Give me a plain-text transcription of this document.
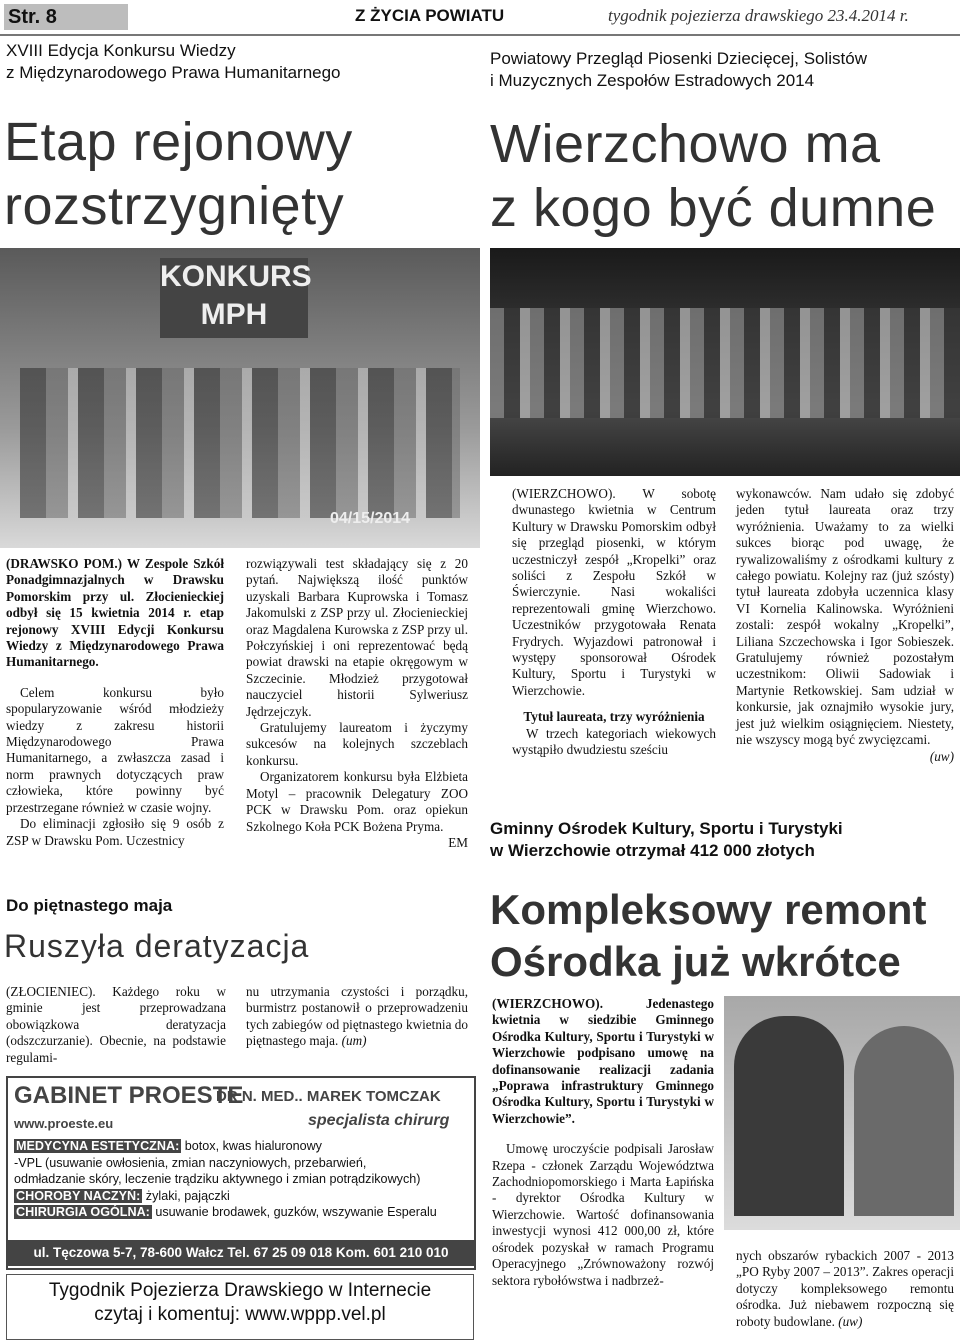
Str. 8	Z ŻYCIA POWIATU	tygodnik pojezierza drawskiego 23.4.2014 r.
XVIII Edycja Konkursu Wiedzy
z Międzynarodowego Prawa Humanitarnego
Etap rejonowy
rozstrzygnięty
Powiatowy Przegląd Piosenki Dziecięcej, Solistów
i Muzycznych Zespołów Estradowych 2014
Wierzchowo ma
z kogo być dumne
KONKURS
MPH
04/15/2014

(DRAWSKO POM.) W Zespole Szkół Ponadgimnazjalnych w Drawsku Pomorskim przy ul. Złocienieckiej odbył się 15 kwietnia 2014 r. etap rejonowy XVIII Edycji Konkursu Wiedzy z Międzynarodowego Prawa Humanitarnego.

Celem konkursu było spopularyzowanie wśród młodzieży wiedzy z zakresu historii Międzynarodowego Prawa Humanitarnego, a zwłaszcza zasad i norm prawnych dotyczących praw człowieka, które powinny być przestrzegane również w czasie wojny.

Do eliminacji zgłosiło się 9 osób z ZSP w Drawsku Pom. Uczestnicy

rozwiązywali test składający się z 20 pytań. Największą ilość punktów uzyskali Barbara Kuprowska i Tomasz Jakomulski z ZSP przy ul. Złocienieckiej oraz Magdalena Kurowska z ZSP przy ul. Połczyńskiej i oni reprezentować będą powiat drawski na etapie okręgowym w Szczecinie. Młodzież przygotował nauczyciel historii Sylweriusz Jędrzejczyk.

Gratulujemy laureatom i życzymy sukcesów na kolejnych szczeblach konkursu.

Organizatorem konkursu była Elżbieta Motyl – pracownik Delegatury ZOO PCK w Drawsku Pom. oraz opiekun Szkolnego Koła PCK Bożena Pryma.

EM

(WIERZCHOWO). W sobotę dwunastego kwietnia w Centrum Kultury w Drawsku Pomorskim odbył się przegląd piosenki, w którym uczestniczył zespół „Kropelki” oraz soliści z Zespołu Szkół w Świerczynie. Nasi wokaliści reprezentowali gminę Wierzchowo. Uczestników przygotowała Renata Frydrych. Wyjazdowi patronował i występy sponsorował Ośrodek Kultury, Sportu i Turystyki w Wierzchowie.

Tytuł laureata, trzy wyróżnienia

W trzech kategoriach wiekowych wystąpiło dwudziestu sześciu

wykonawców. Nam udało się zdobyć jeden tytuł laureata oraz trzy wyróżnienia. Uważamy to za wielki sukces biorąc pod uwagę, że rywalizowaliśmy z ośrodkami kultury z całego powiatu. Kolejny raz (już szósty) tytuł laureata zdobyła uczennica klasy VI Kornelia Kalinowska. Wyróżnieni zostali: zespół wokalny „Kropelki”, Liliana Szczechowska i Igor Sobieszek. Gratulujemy również pozostałym uczestnikom: Oliwii Sadowiak i Martynie Retkowskiej. Sam udział w konkursie, jak oznajmiło wysokie jury, jest już wielkim osiągnięciem. Niestety, nie wszyscy mogą być zwycięzcami.

(uw)

Do piętnastego maja
Ruszyła deratyzacja

(ZŁOCIENIEC). Każdego roku w gminie jest przeprowadzana obowiązkowa deratyzacja (odszczurzanie). Obecnie, na podstawie regulami-

nu utrzymania czystości i porządku, burmistrz postanowił o przeprowadzeniu tych zabiegów od piętnastego kwietnia do piętnastego maja. (um)

GABINET PROESTE
DR N. MED.. MAREK TOMCZAK
www.proeste.eu	specjalista chirurg
MEDYCYNA ESTETYCZNA: botox, kwas hialuronowy
-VPL (usuwanie owłosienia, zmian naczyniowych, przebarwień,
odmładzanie skóry, leczenie trądziku aktywnego i zmian potrądzikowych)
CHOROBY NACZYŃ: żylaki, pajączki
CHIRURGIA OGÓLNA: usuwanie brodawek, guzków, wszywanie Esperalu
ul. Tęczowa 5-7, 78-600 Wałcz Tel. 67 25 09 018 Kom. 601 210 010
Tygodnik Pojezierza Drawskiego w Internecie
czytaj i komentuj: www.wppp.vel.pl
Gminny Ośrodek Kultury, Sportu i Turystyki
w Wierzchowie otrzymał 412 000 złotych
Kompleksowy remont
Ośrodka już wkrótce

(WIERZCHOWO). Jedenastego kwietnia w siedzibie Gminnego Ośrodka Kultury, Sportu i Turystyki w Wierzchowie podpisano umowę na dofinansowanie realizacji zadania „Poprawa infrastruktury Gminnego Ośrodka Kultury, Sportu i Turystyki w Wierzchowie”.

Umowę uroczyście podpisali Jarosław Rzepa - członek Zarządu Województwa Zachodniopomorskiego i Marta Łapińska - dyrektor Ośrodka Kultury w Wierzchowie. Wartość dofinansowania inwestycji wynosi 412 000,00 zł, które ośrodek pozyskał w ramach Programu Operacyjnego „Zrównoważony rozwój sektora rybołówstwa i nadbrzeż-

nych obszarów rybackich 2007 - 2013 „PO Ryby 2007 – 2013”. Zakres operacji dotyczy kompleksowego remontu ośrodka. Już niebawem rozpoczną się roboty budowlane. (uw)
